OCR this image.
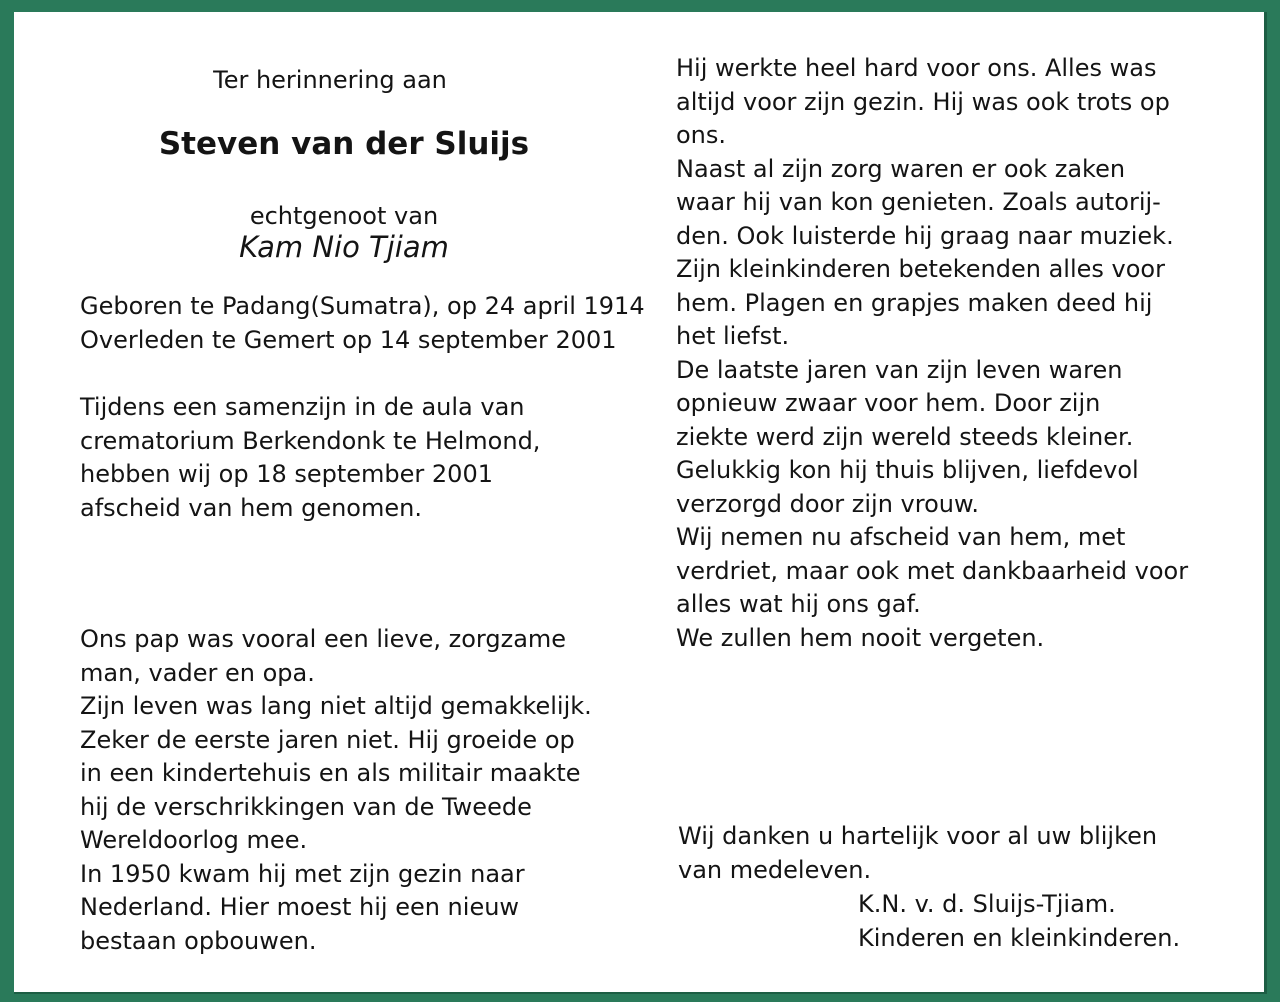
Ter herinnering aan

Steven van der Sluijs

echtgenoot van

Kam Nio Tjiam

Geboren te Padang(Sumatra), op 24 april 1914
Overleden te Gemert op 14 september 2001
Tijdens een samenzijn in de aula van
crematorium Berkendonk te Helmond,
hebben wij op 18 september 2001
afscheid van hem genomen.
Ons pap was vooral een lieve, zorgzame
man, vader en opa.
Zijn leven was lang niet altijd gemakkelijk.
Zeker de eerste jaren niet. Hij groeide op
in een kindertehuis en als militair maakte
hij de verschrikkingen van de Tweede
Wereldoorlog mee.
In 1950 kwam hij met zijn gezin naar
Nederland. Hier moest hij een nieuw
bestaan opbouwen.
Hij werkte heel hard voor ons. Alles was
altijd voor zijn gezin. Hij was ook trots op
ons.
Naast al zijn zorg waren er ook zaken
waar hij van kon genieten. Zoals autorij-
den. Ook luisterde hij graag naar muziek.
Zijn kleinkinderen betekenden alles voor
hem. Plagen en grapjes maken deed hij
het liefst.
De laatste jaren van zijn leven waren
opnieuw zwaar voor hem. Door zijn
ziekte werd zijn wereld steeds kleiner.
Gelukkig kon hij thuis blijven, liefdevol
verzorgd door zijn vrouw.
Wij nemen nu afscheid van hem, met
verdriet, maar ook met dankbaarheid voor
alles wat hij ons gaf.
We zullen hem nooit vergeten.
Wij danken u hartelijk voor al uw blijken
van medeleven.
K.N. v. d. Sluijs-Tjiam.
Kinderen en kleinkinderen.
